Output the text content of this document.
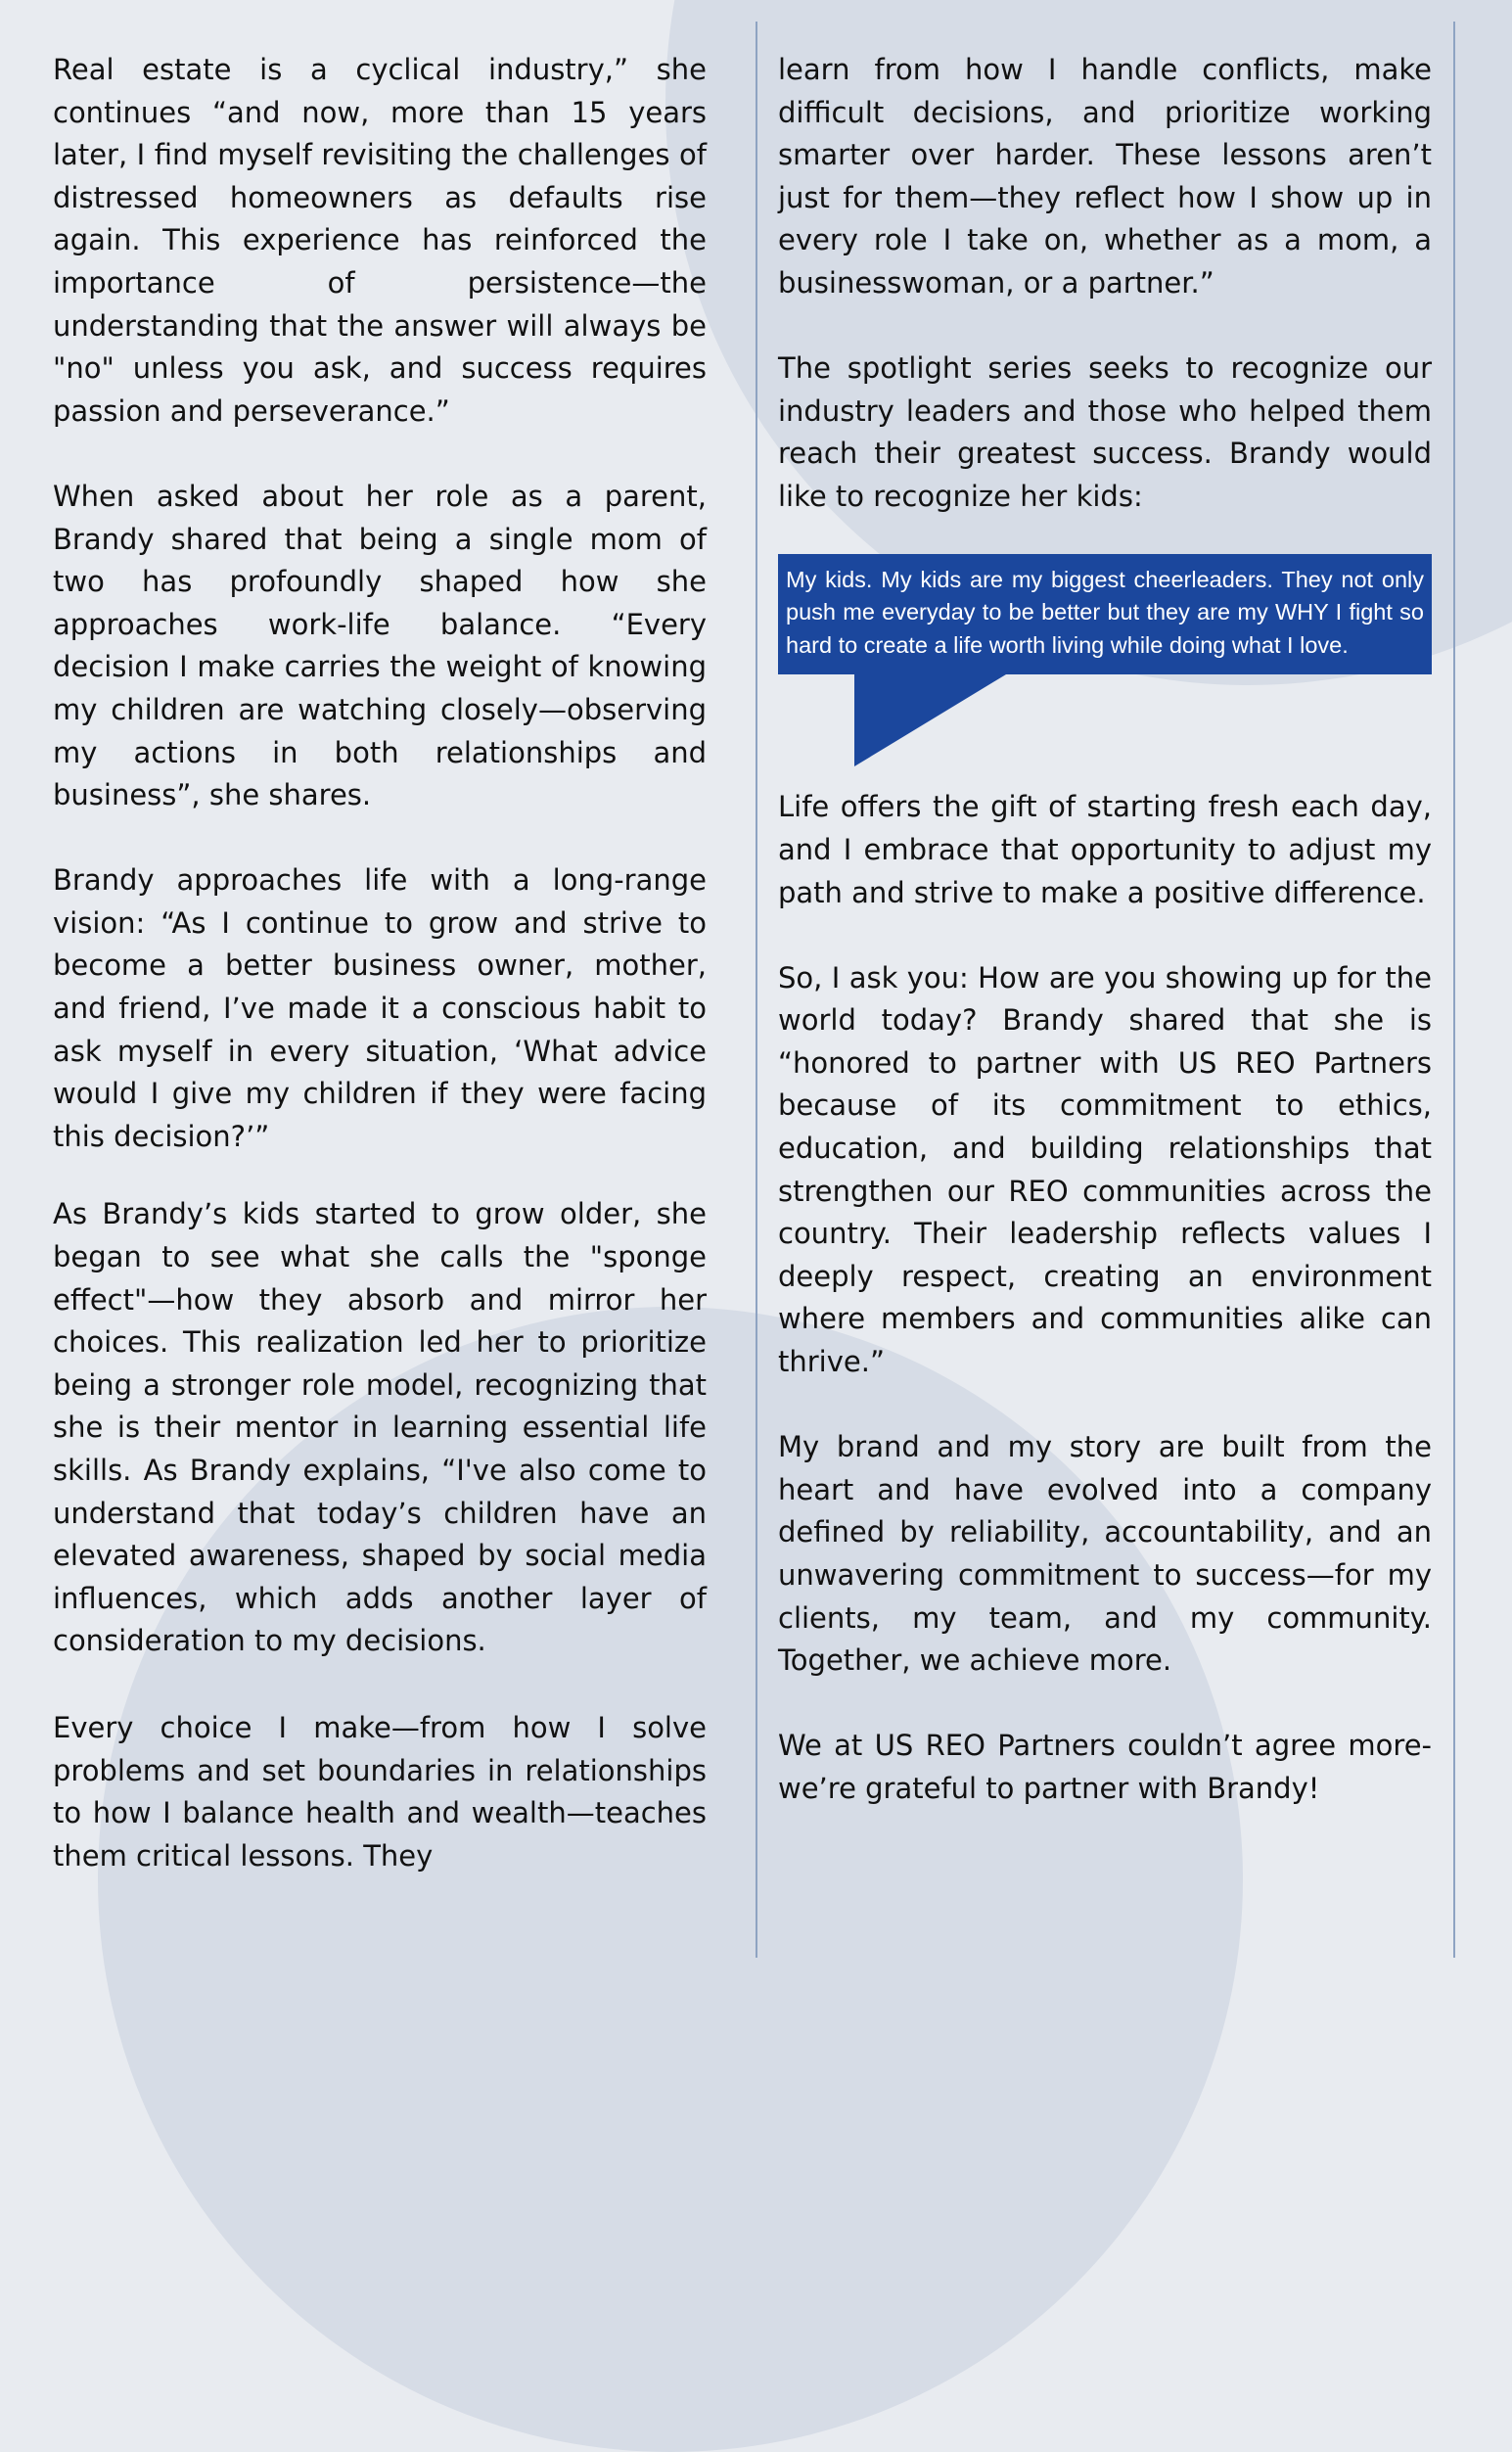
Real estate is a cyclical industry,” she continues “and now, more than 15 years later, I find myself revisiting the challenges of distressed homeowners as defaults rise again. This experience has reinforced the importance of persistence—the understanding that the answer will always be "no" unless you ask, and success requires passion and perseverance.”

When asked about her role as a parent, Brandy shared that being a single mom of two has profoundly shaped how she approaches work-life balance. “Every decision I make carries the weight of knowing my children are watching closely—observing my actions in both relationships and business”, she shares.

Brandy approaches life with a long-range vision: “As I continue to grow and strive to become a better business owner, mother, and friend, I’ve made it a conscious habit to ask myself in every situation, ‘What advice would I give my children if they were facing this decision?’”

As Brandy’s kids started to grow older, she began to see what she calls the "sponge effect"—how they absorb and mirror her choices. This realization led her to prioritize being a stronger role model, recognizing that she is their mentor in learning essential life skills. As Brandy explains, “I've also come to understand that today’s children have an elevated awareness, shaped by social media influences, which adds another layer of consideration to my decisions.

Every choice I make—from how I solve problems and set boundaries in relationships to how I balance health and wealth—teaches them critical lessons. They

learn from how I handle conflicts, make difficult decisions, and prioritize working smarter over harder. These lessons aren’t just for them—they reflect how I show up in every role I take on, whether as a mom, a businesswoman, or a partner.”

The spotlight series seeks to recognize our industry leaders and those who helped them reach their greatest success. Brandy would like to recognize her kids:

My kids. My kids are my biggest cheerleaders. They not only push me everyday to be better but they are my WHY I fight so hard to create a life worth living while doing what I love.

Life offers the gift of starting fresh each day, and I embrace that opportunity to adjust my path and strive to make a positive difference.

So, I ask you: How are you showing up for the world today? Brandy shared that she is “honored to partner with US REO Partners because of its commitment to ethics, education, and building relationships that strengthen our REO communities across the country. Their leadership reflects values I deeply respect, creating an environment where members and communities alike can thrive.”

My brand and my story are built from the heart and have evolved into a company defined by reliability, accountability, and an unwavering commitment to success—for my clients, my team, and my community. Together, we achieve more.

We at US REO Partners couldn’t agree more-we’re grateful to partner with Brandy!
